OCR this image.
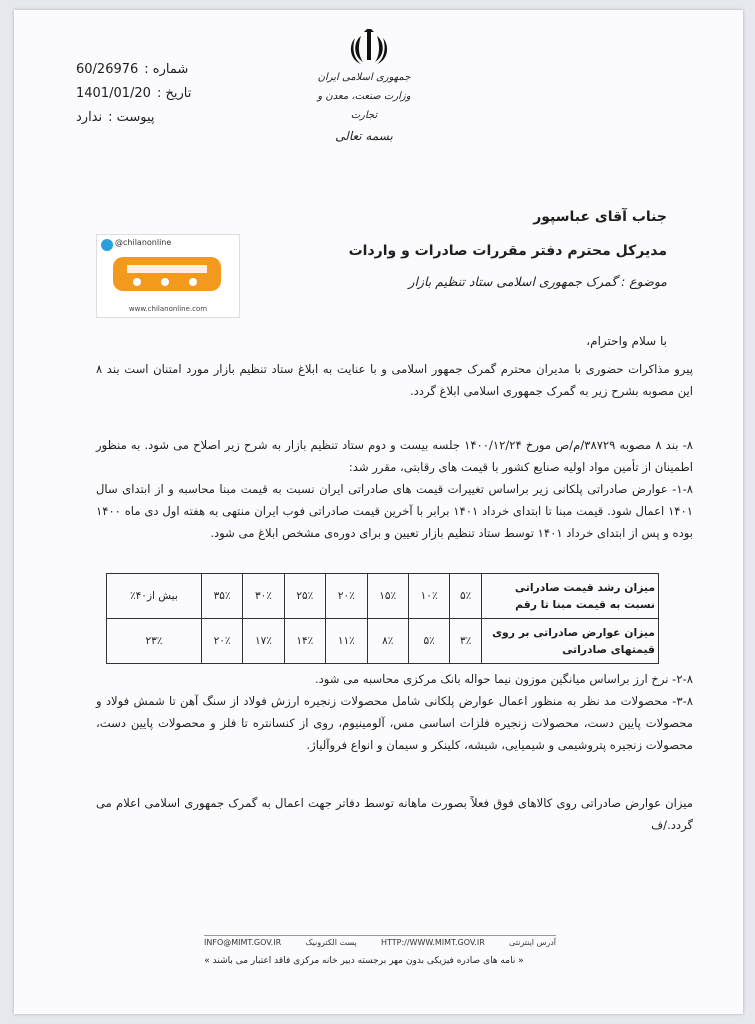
شماره :
60/26976
تاریخ :
1401/01/20
پیوست :
ندارد
جمهوری اسلامی ایران
وزارت صنعت، معدن و تجارت
بسمه تعالی
@chilanonline
www.chilanonline.com
جناب آقای عباسپور
مدیرکل محترم دفتر مقررات صادرات و واردات
موضوع : گمرک جمهوری اسلامی ستاد تنظیم بازار
با سلام واحترام،
پیرو مذاکرات حضوری با مدیران محترم گمرک جمهور اسلامی و با عنایت به ابلاغ ستاد تنظیم بازار مورد امتنان است بند ۸ این مصوبه بشرح زیر به گمرک جمهوری اسلامی ابلاغ گردد.
۸- بند ۸ مصوبه ۳۸۷۲۹/م/ص مورخ ۱۴۰۰/۱۲/۲۴ جلسه بیست و دوم ستاد تنظیم بازار به شرح زیر اصلاح می شود. به منظور اطمینان از تأمین مواد اولیه صنایع کشور با قیمت های رقابتی، مقرر شد:
۱-۸- عوارض صادراتی پلکانی زیر براساس تغییرات قیمت های صادراتی ایران نسبت به قیمت مبنا محاسبه و از ابتدای سال ۱۴۰۱ اعمال شود. قیمت مبنا تا ابتدای خرداد ۱۴۰۱ برابر با آخرین قیمت صادراتی فوب ایران منتهی به هفته اول دی ماه ۱۴۰۰ بوده و پس از ابتدای خرداد ۱۴۰۱ توسط ستاد تنظیم بازار تعیین و برای دوره‌ی مشخص ابلاغ می شود.
میزان رشد قیمت صادراتی نسبت به قیمت مبنا تا رقم	۵٪	۱۰٪	۱۵٪	۲۰٪	۲۵٪	۳۰٪	۳۵٪	بیش از۴۰٪
میزان عوارض صادراتی بر روی قیمتهای صادراتی	۳٪	۵٪	۸٪	۱۱٪	۱۴٪	۱۷٪	۲۰٪	۲۳٪
۲-۸- نرخ ارز براساس میانگین موزون نیما حواله بانک مرکزی محاسبه می شود.
۳-۸- محصولات مد نظر به منظور اعمال عوارض پلکانی شامل محصولات زنجیره ارزش فولاد از سنگ آهن تا شمش فولاد و محصولات پایین دست، محصولات زنجیره فلزات اساسی مس، آلومینیوم، روی از کنسانتره تا فلز و محصولات پایین دست، محصولات زنجیره پتروشیمی و شیمیایی، شیشه، کلینکر و سیمان و انواع فروآلیاژ.
میزان عوارض صادراتی روی کالاهای فوق فعلاً بصورت ماهانه توسط دفاتر جهت اعمال به گمرک جمهوری اسلامی اعلام می گردد./ف
آدرس اینترنتی
HTTP://WWW.MIMT.GOV.IR
پست الکترونیک
INFO@MIMT.GOV.IR
« نامه های صادره فیزیکی بدون مهر برجسته دبیر خانه مرکزی فاقد اعتبار می باشند »
